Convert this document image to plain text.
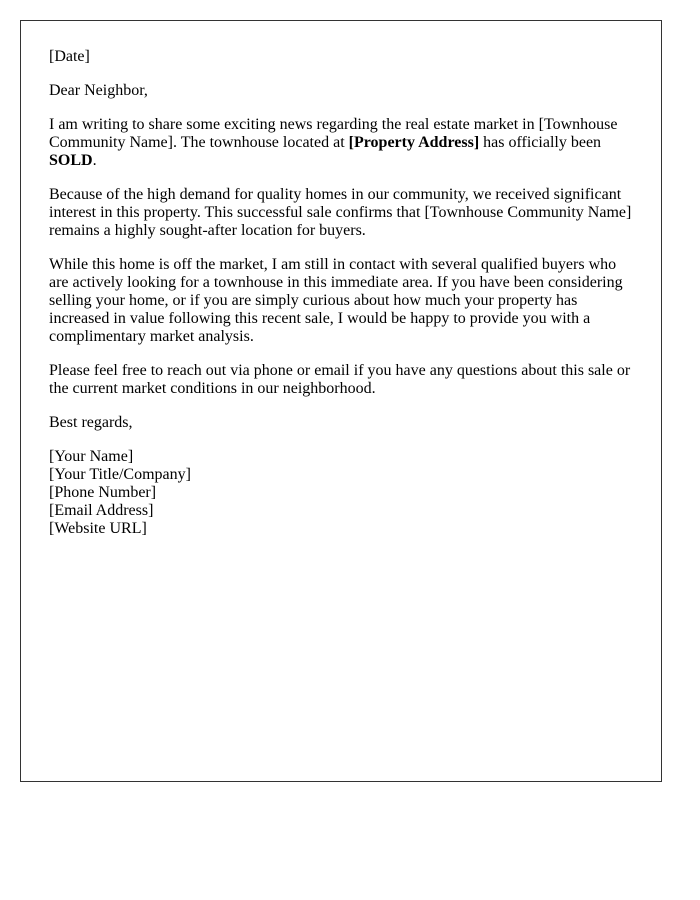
[Date]

Dear Neighbor,

I am writing to share some exciting news regarding the real estate market in [Townhouse Community Name]. The townhouse located at [Property Address] has officially been SOLD.

Because of the high demand for quality homes in our community, we received significant interest in this property. This successful sale confirms that [Townhouse Community Name] remains a highly sought-after location for buyers.

While this home is off the market, I am still in contact with several qualified buyers who are actively looking for a townhouse in this immediate area. If you have been considering selling your home, or if you are simply curious about how much your property has increased in value following this recent sale, I would be happy to provide you with a complimentary market analysis.

Please feel free to reach out via phone or email if you have any questions about this sale or the current market conditions in our neighborhood.

Best regards,

[Your Name]
[Your Title/Company]
[Phone Number]
[Email Address]
[Website URL]
